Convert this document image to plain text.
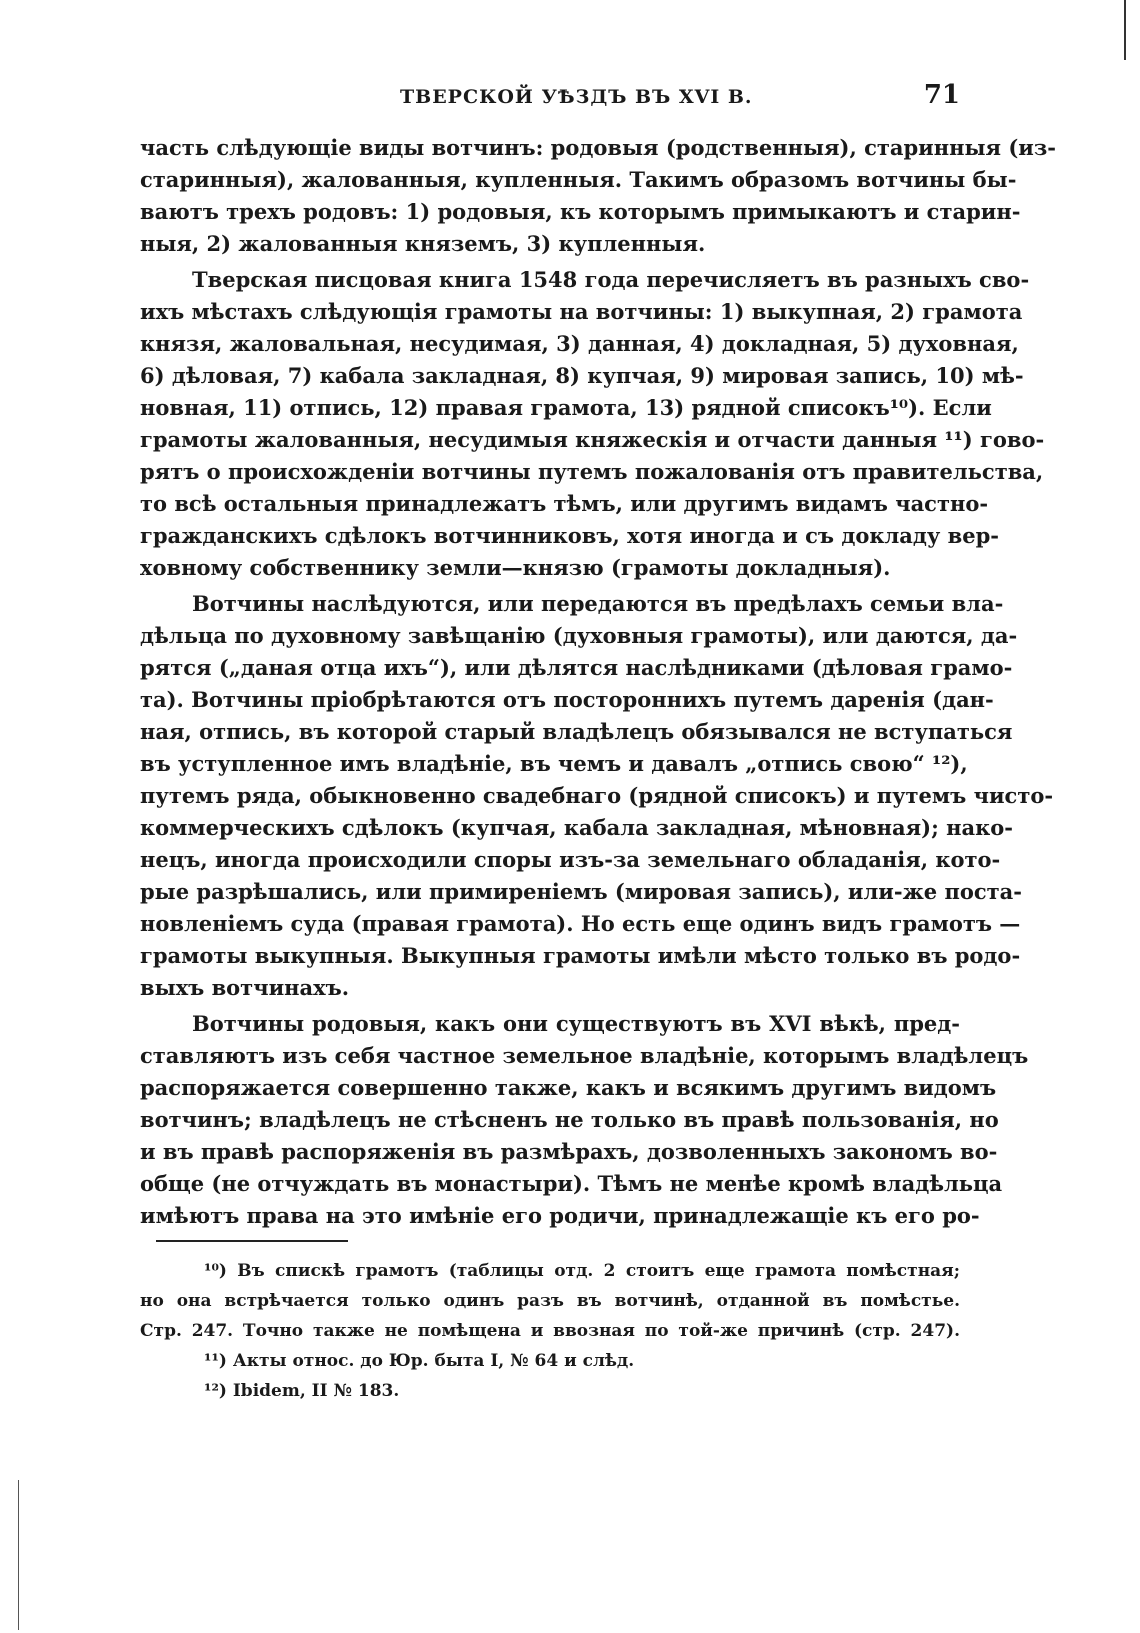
ТВЕРСКОЙ УѢЗДЪ ВЪ XVI В.	71
часть слѣдующіе виды вотчинъ: родовыя (родственныя), старинныя (из-
старинныя), жалованныя, купленныя. Такимъ образомъ вотчины бы-
ваютъ трехъ родовъ: 1) родовыя, къ которымъ примыкаютъ и старин-
ныя, 2) жалованныя княземъ, 3) купленныя.
Тверская писцовая книга 1548 года перечисляетъ въ разныхъ сво-
ихъ мѣстахъ слѣдующія грамоты на вотчины: 1) выкупная, 2) грамота
князя, жаловальная, несудимая, 3) данная, 4) докладная, 5) духовная,
6) дѣловая, 7) кабала закладная, 8) купчая, 9) мировая запись, 10) мѣ-
новная, 11) отпись, 12) правая грамота, 13) рядной списокъ¹⁰). Если
грамоты жалованныя, несудимыя княжескія и отчасти данныя ¹¹) гово-
рятъ о происхожденіи вотчины путемъ пожалованія отъ правительства,
то всѣ остальныя принадлежатъ тѣмъ, или другимъ видамъ частно-
гражданскихъ сдѣлокъ вотчинниковъ, хотя иногда и съ докладу вер-
ховному собственнику земли—князю (грамоты докладныя).
Вотчины наслѣдуются, или передаются въ предѣлахъ семьи вла-
дѣльца по духовному завѣщанію (духовныя грамоты), или даются, да-
рятся („даная отца ихъ“), или дѣлятся наслѣдниками (дѣловая грамо-
та). Вотчины пріобрѣтаются отъ постороннихъ путемъ даренія (дан-
ная, отпись, въ которой старый владѣлецъ обязывался не вступаться
въ уступленное имъ владѣніе, въ чемъ и давалъ „отпись свою“ ¹²),
путемъ ряда, обыкновенно свадебнаго (рядной списокъ) и путемъ чисто-
коммерческихъ сдѣлокъ (купчая, кабала закладная, мѣновная); нако-
нецъ, иногда происходили споры изъ-за земельнаго обладанія, кото-
рые разрѣшались, или примиреніемъ (мировая запись), или-же поста-
новленіемъ суда (правая грамота). Но есть еще одинъ видъ грамотъ —
грамоты выкупныя. Выкупныя грамоты имѣли мѣсто только въ родо-
выхъ вотчинахъ.
Вотчины родовыя, какъ они существуютъ въ XVI вѣкѣ, пред-
ставляютъ изъ себя частное земельное владѣніе, которымъ владѣлецъ
распоряжается совершенно также, какъ и всякимъ другимъ видомъ
вотчинъ; владѣлецъ не стѣсненъ не только въ правѣ пользованія, но
и въ правѣ распоряженія въ размѣрахъ, дозволенныхъ закономъ во-
обще (не отчуждать въ монастыри). Тѣмъ не менѣе кромѣ владѣльца
имѣютъ права на это имѣніе его родичи, принадлежащіе къ его ро-
¹⁰) Въ спискѣ грамотъ (таблицы отд. 2 стоитъ еще грамота помѣстная;
но она встрѣчается только одинъ разъ въ вотчинѣ, отданной въ помѣстье.
Стр. 247. Точно также не помѣщена и ввозная по той-же причинѣ (стр. 247).
¹¹) Акты относ. до Юр. быта I, № 64 и слѣд.
¹²) Ibidem, II № 183.
